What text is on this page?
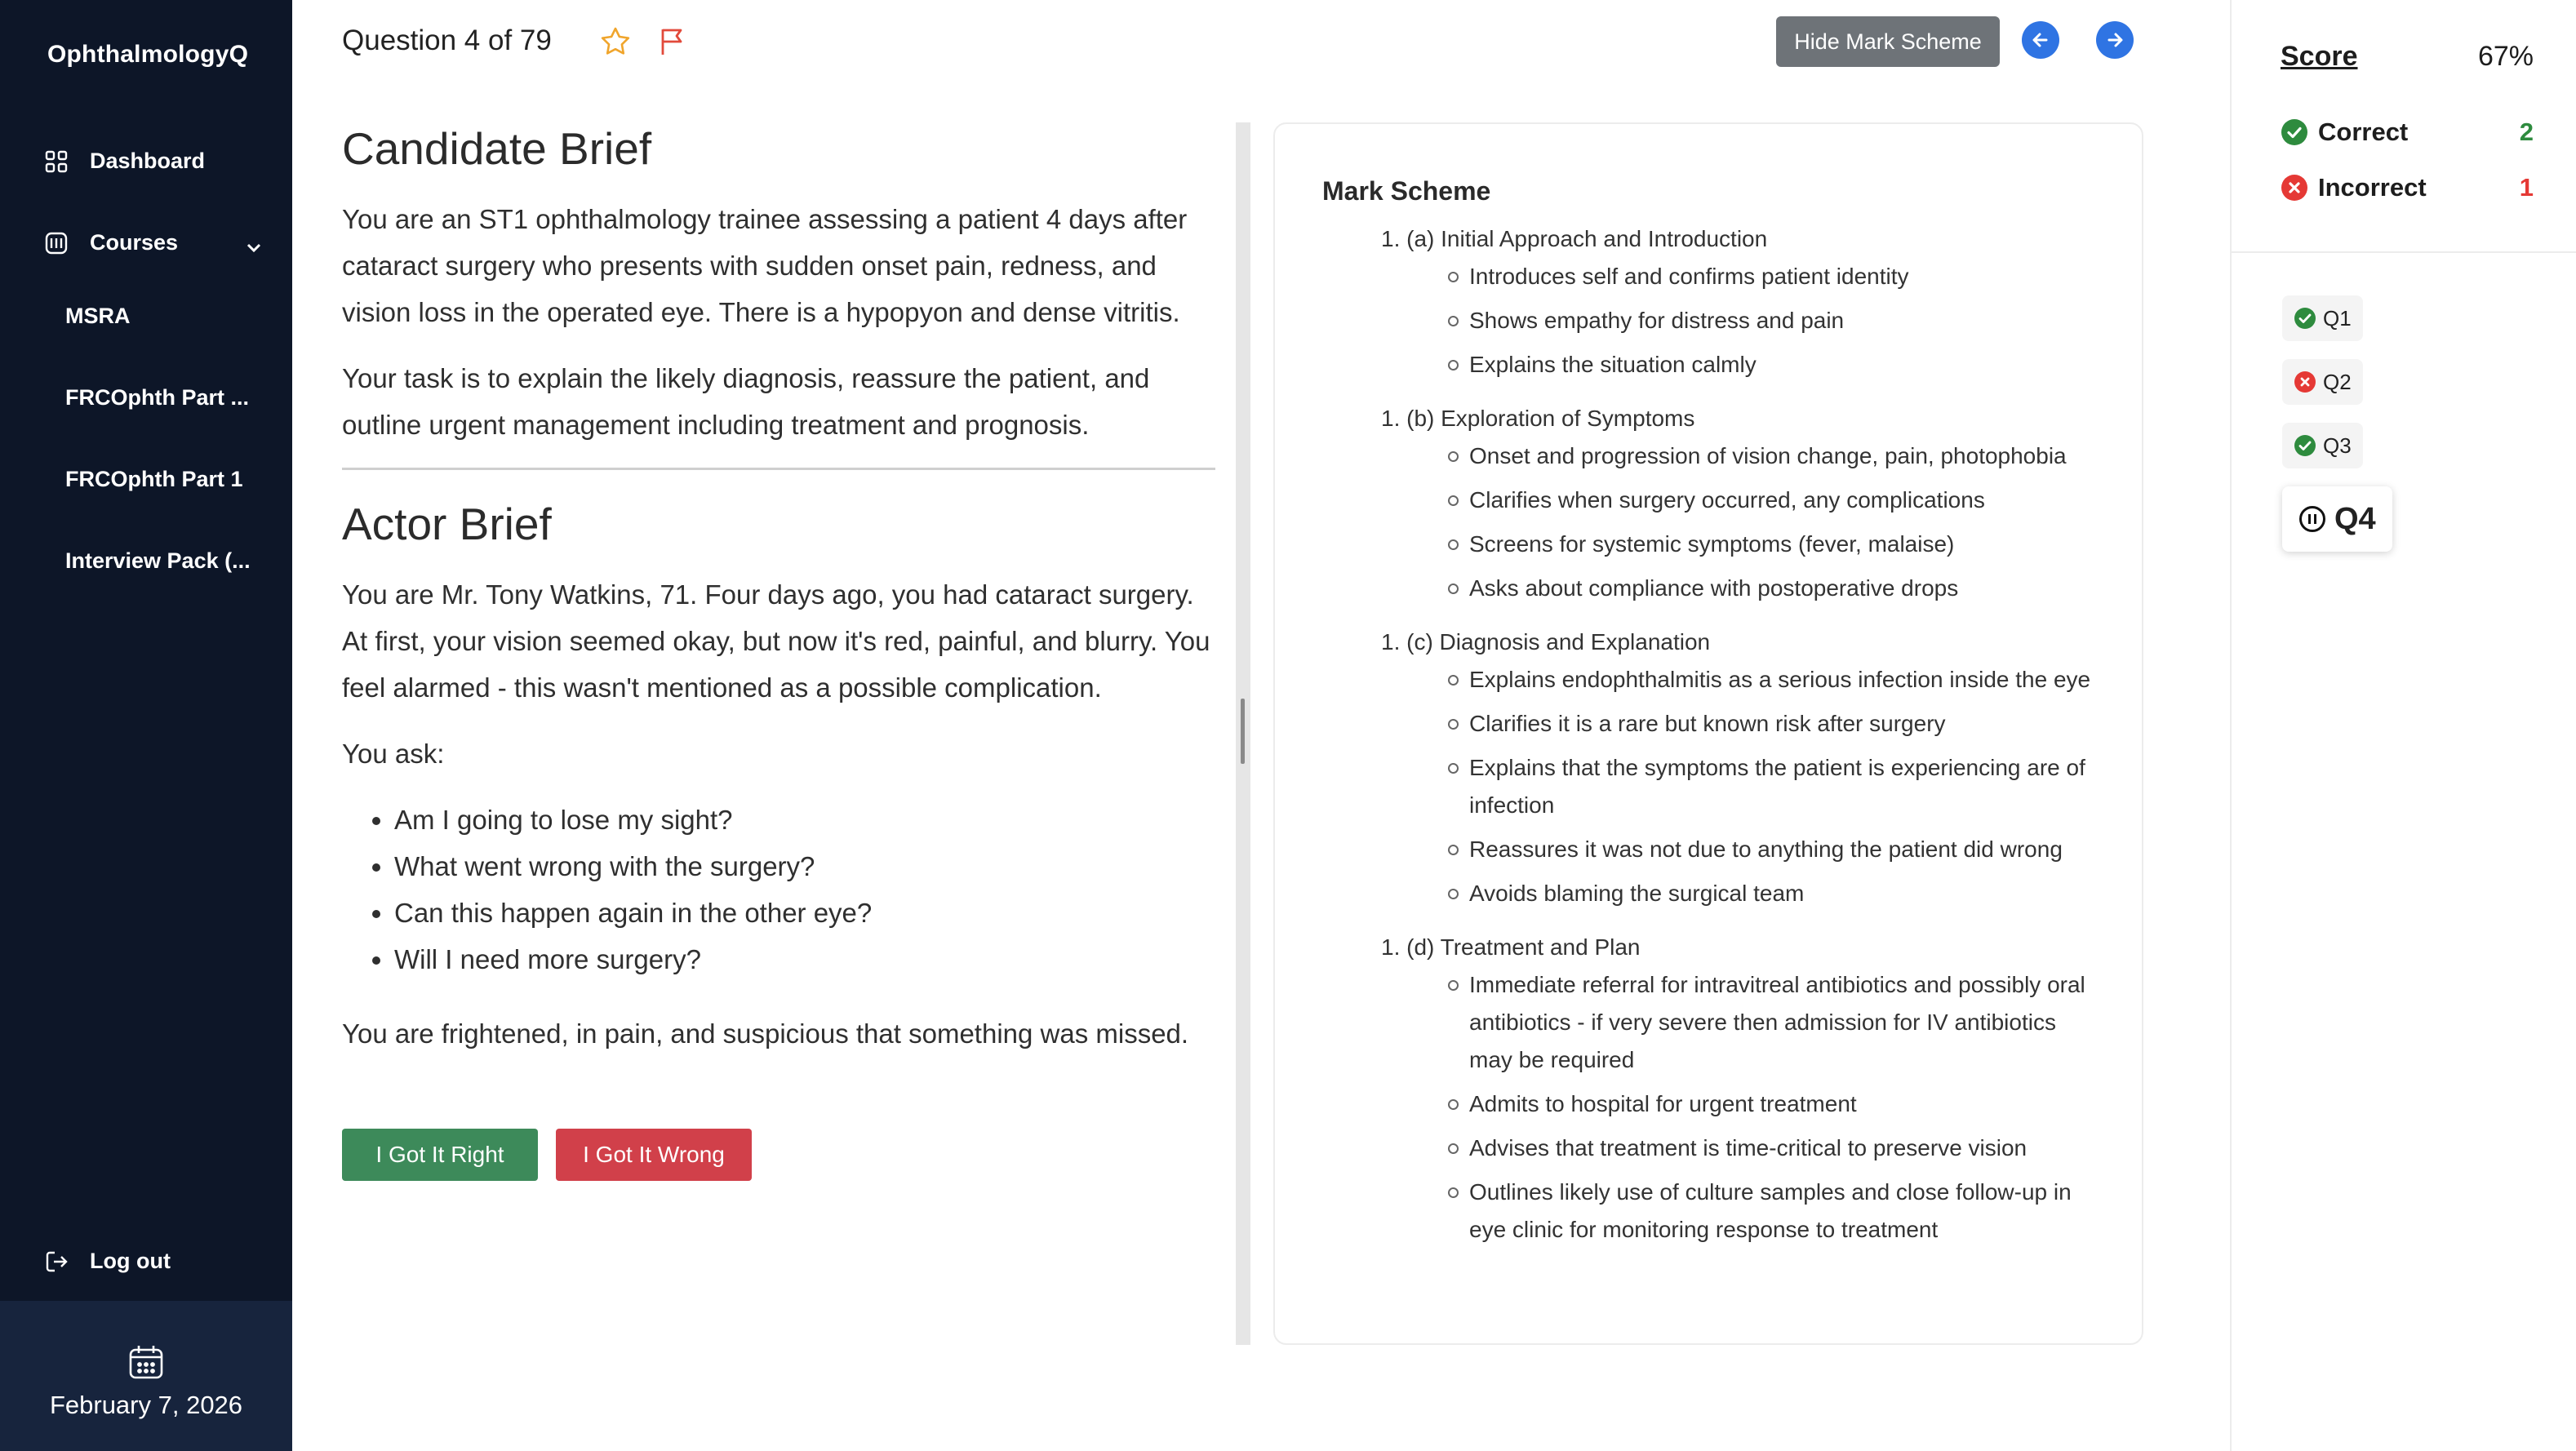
OphthalmologyQ
Dashboard
Courses
MSRA
FRCOphth Part ...
FRCOphth Part 1
Interview Pack (...
Log out
February 7, 2026
Question 4 of 79	Hide Mark Scheme
Candidate Brief

You are an ST1 ophthalmology trainee assessing a patient 4 days after cataract surgery who presents with sudden onset pain, redness, and vision loss in the operated eye. There is a hypopyon and dense vitritis.

Your task is to explain the likely diagnosis, reassure the patient, and outline urgent management including treatment and prognosis.

Actor Brief

You are Mr. Tony Watkins, 71. Four days ago, you had cataract surgery. At first, your vision seemed okay, but now it's red, painful, and blurry. You feel alarmed - this wasn't mentioned as a possible complication.

You ask:

• Am I going to lose my sight?
• What went wrong with the surgery?
• Can this happen again in the other eye?
• Will I need more surgery?

You are frightened, in pain, and suspicious that something was missed.

I Got It Right	I Got It Wrong
Mark Scheme
1. (a) Initial Approach and Introduction
Introduces self and confirms patient identity
Shows empathy for distress and pain
Explains the situation calmly
1. (b) Exploration of Symptoms
Onset and progression of vision change, pain, photophobia
Clarifies when surgery occurred, any complications
Screens for systemic symptoms (fever, malaise)
Asks about compliance with postoperative drops
1. (c) Diagnosis and Explanation
Explains endophthalmitis as a serious infection inside the eye
Clarifies it is a rare but known risk after surgery
Explains that the symptoms the patient is experiencing are of infection
Reassures it was not due to anything the patient did wrong
Avoids blaming the surgical team
1. (d) Treatment and Plan
Immediate referral for intravitreal antibiotics and possibly oral antibiotics - if very severe then admission for IV antibiotics may be required
Admits to hospital for urgent treatment
Advises that treatment is time-critical to preserve vision
Outlines likely use of culture samples and close follow-up in eye clinic for monitoring response to treatment
Score	67%
Correct	2
Incorrect	1
Q1
Q2
Q3
Q4
